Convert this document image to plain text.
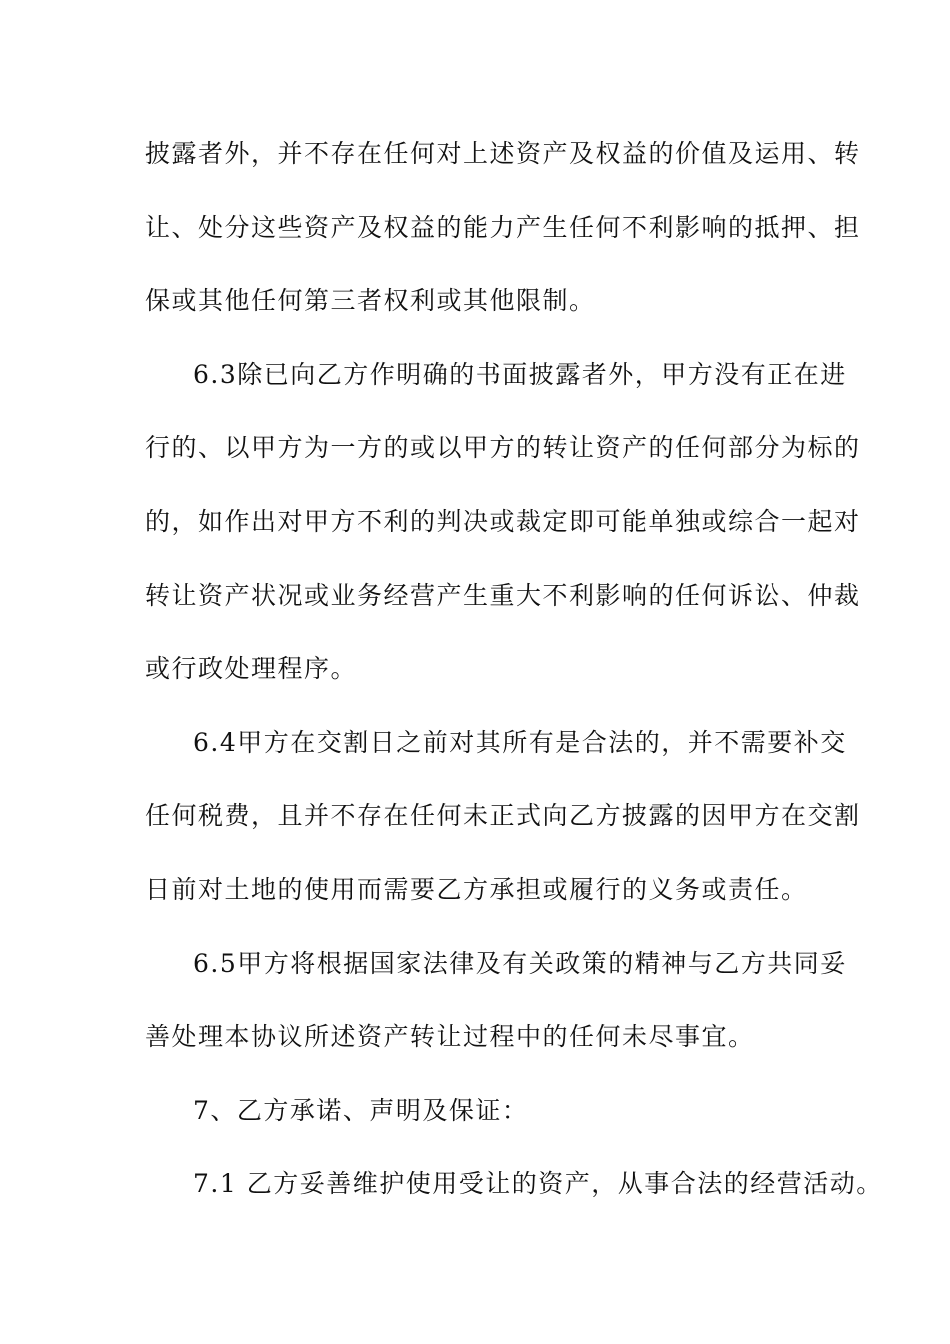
披露者外，并不存在任何对上述资产及权益的价值及运用、转
让、处分这些资产及权益的能力产生任何不利影响的抵押、担
保或其他任何第三者权利或其他限制。
6.3除已向乙方作明确的书面披露者外，甲方没有正在进
行的、以甲方为一方的或以甲方的转让资产的任何部分为标的
的，如作出对甲方不利的判决或裁定即可能单独或综合一起对
转让资产状况或业务经营产生重大不利影响的任何诉讼、仲裁
或行政处理程序。
6.4甲方在交割日之前对其所有是合法的，并不需要补交
任何税费，且并不存在任何未正式向乙方披露的因甲方在交割
日前对土地的使用而需要乙方承担或履行的义务或责任。
6.5甲方将根据国家法律及有关政策的精神与乙方共同妥
善处理本协议所述资产转让过程中的任何未尽事宜。
7、乙方承诺、声明及保证：
7.1 乙方妥善维护使用受让的资产，从事合法的经营活动。
